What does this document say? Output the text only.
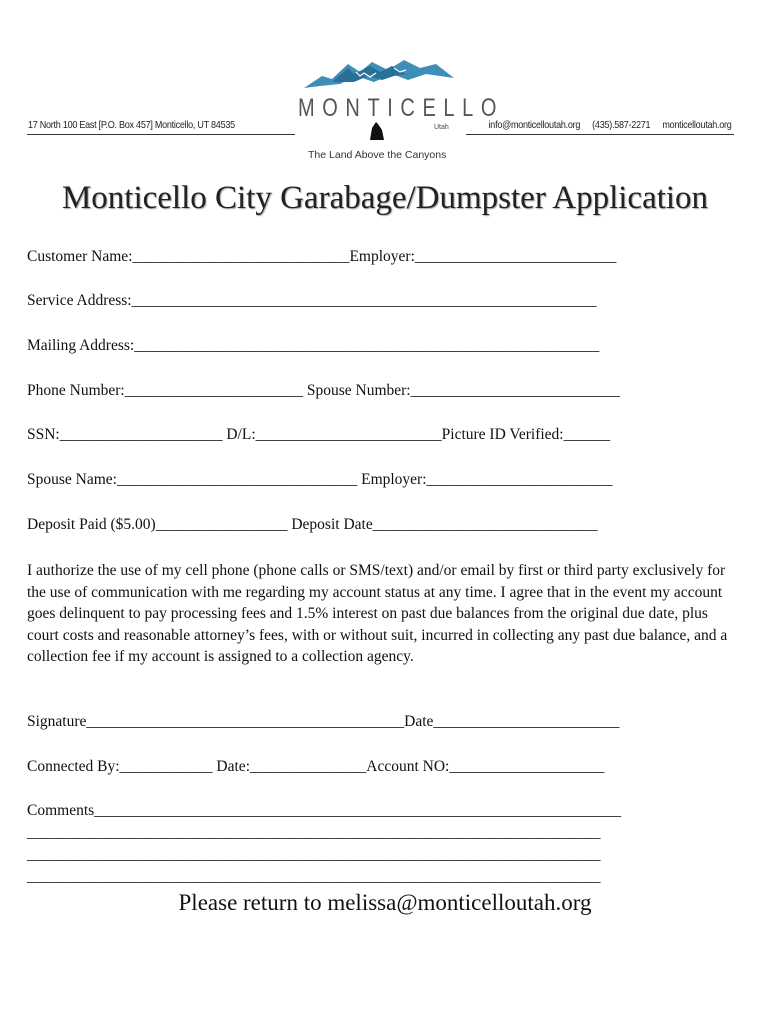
17 North 100 East [P.O. Box 457] Monticello, UT 84535	info@monticelloutah.org (435).587-2271 monticelloutah.org
MONTICELLO
Utah
The Land Above the Canyons
Monticello City Garabage/Dumpster Application
Customer Name:____________________________Employer:__________________________
Service Address:____________________________________________________________
Mailing Address:____________________________________________________________
Phone Number:_______________________ Spouse Number:___________________________
SSN:_____________________ D/L:________________________Picture ID Verified:______
Spouse Name:_______________________________ Employer:________________________
Deposit Paid ($5.00)_________________ Deposit Date_____________________________
I authorize the use of my cell phone (phone calls or SMS/text) and/or email by first or third party exclusively for the use of communication with me regarding my account status at any time. I agree that in the event my account goes delinquent to pay processing fees and 1.5% interest on past due balances from the original due date, plus court costs and reasonable attorney’s fees, with or without suit, incurred in collecting any past due balance, and a collection fee if my account is assigned to a collection agency.
Signature_________________________________________Date________________________
Connected By:____________ Date:_______________Account NO:____________________
Comments____________________________________________________________________
__________________________________________________________________________
__________________________________________________________________________
__________________________________________________________________________
Please return to melissa@monticelloutah.org
